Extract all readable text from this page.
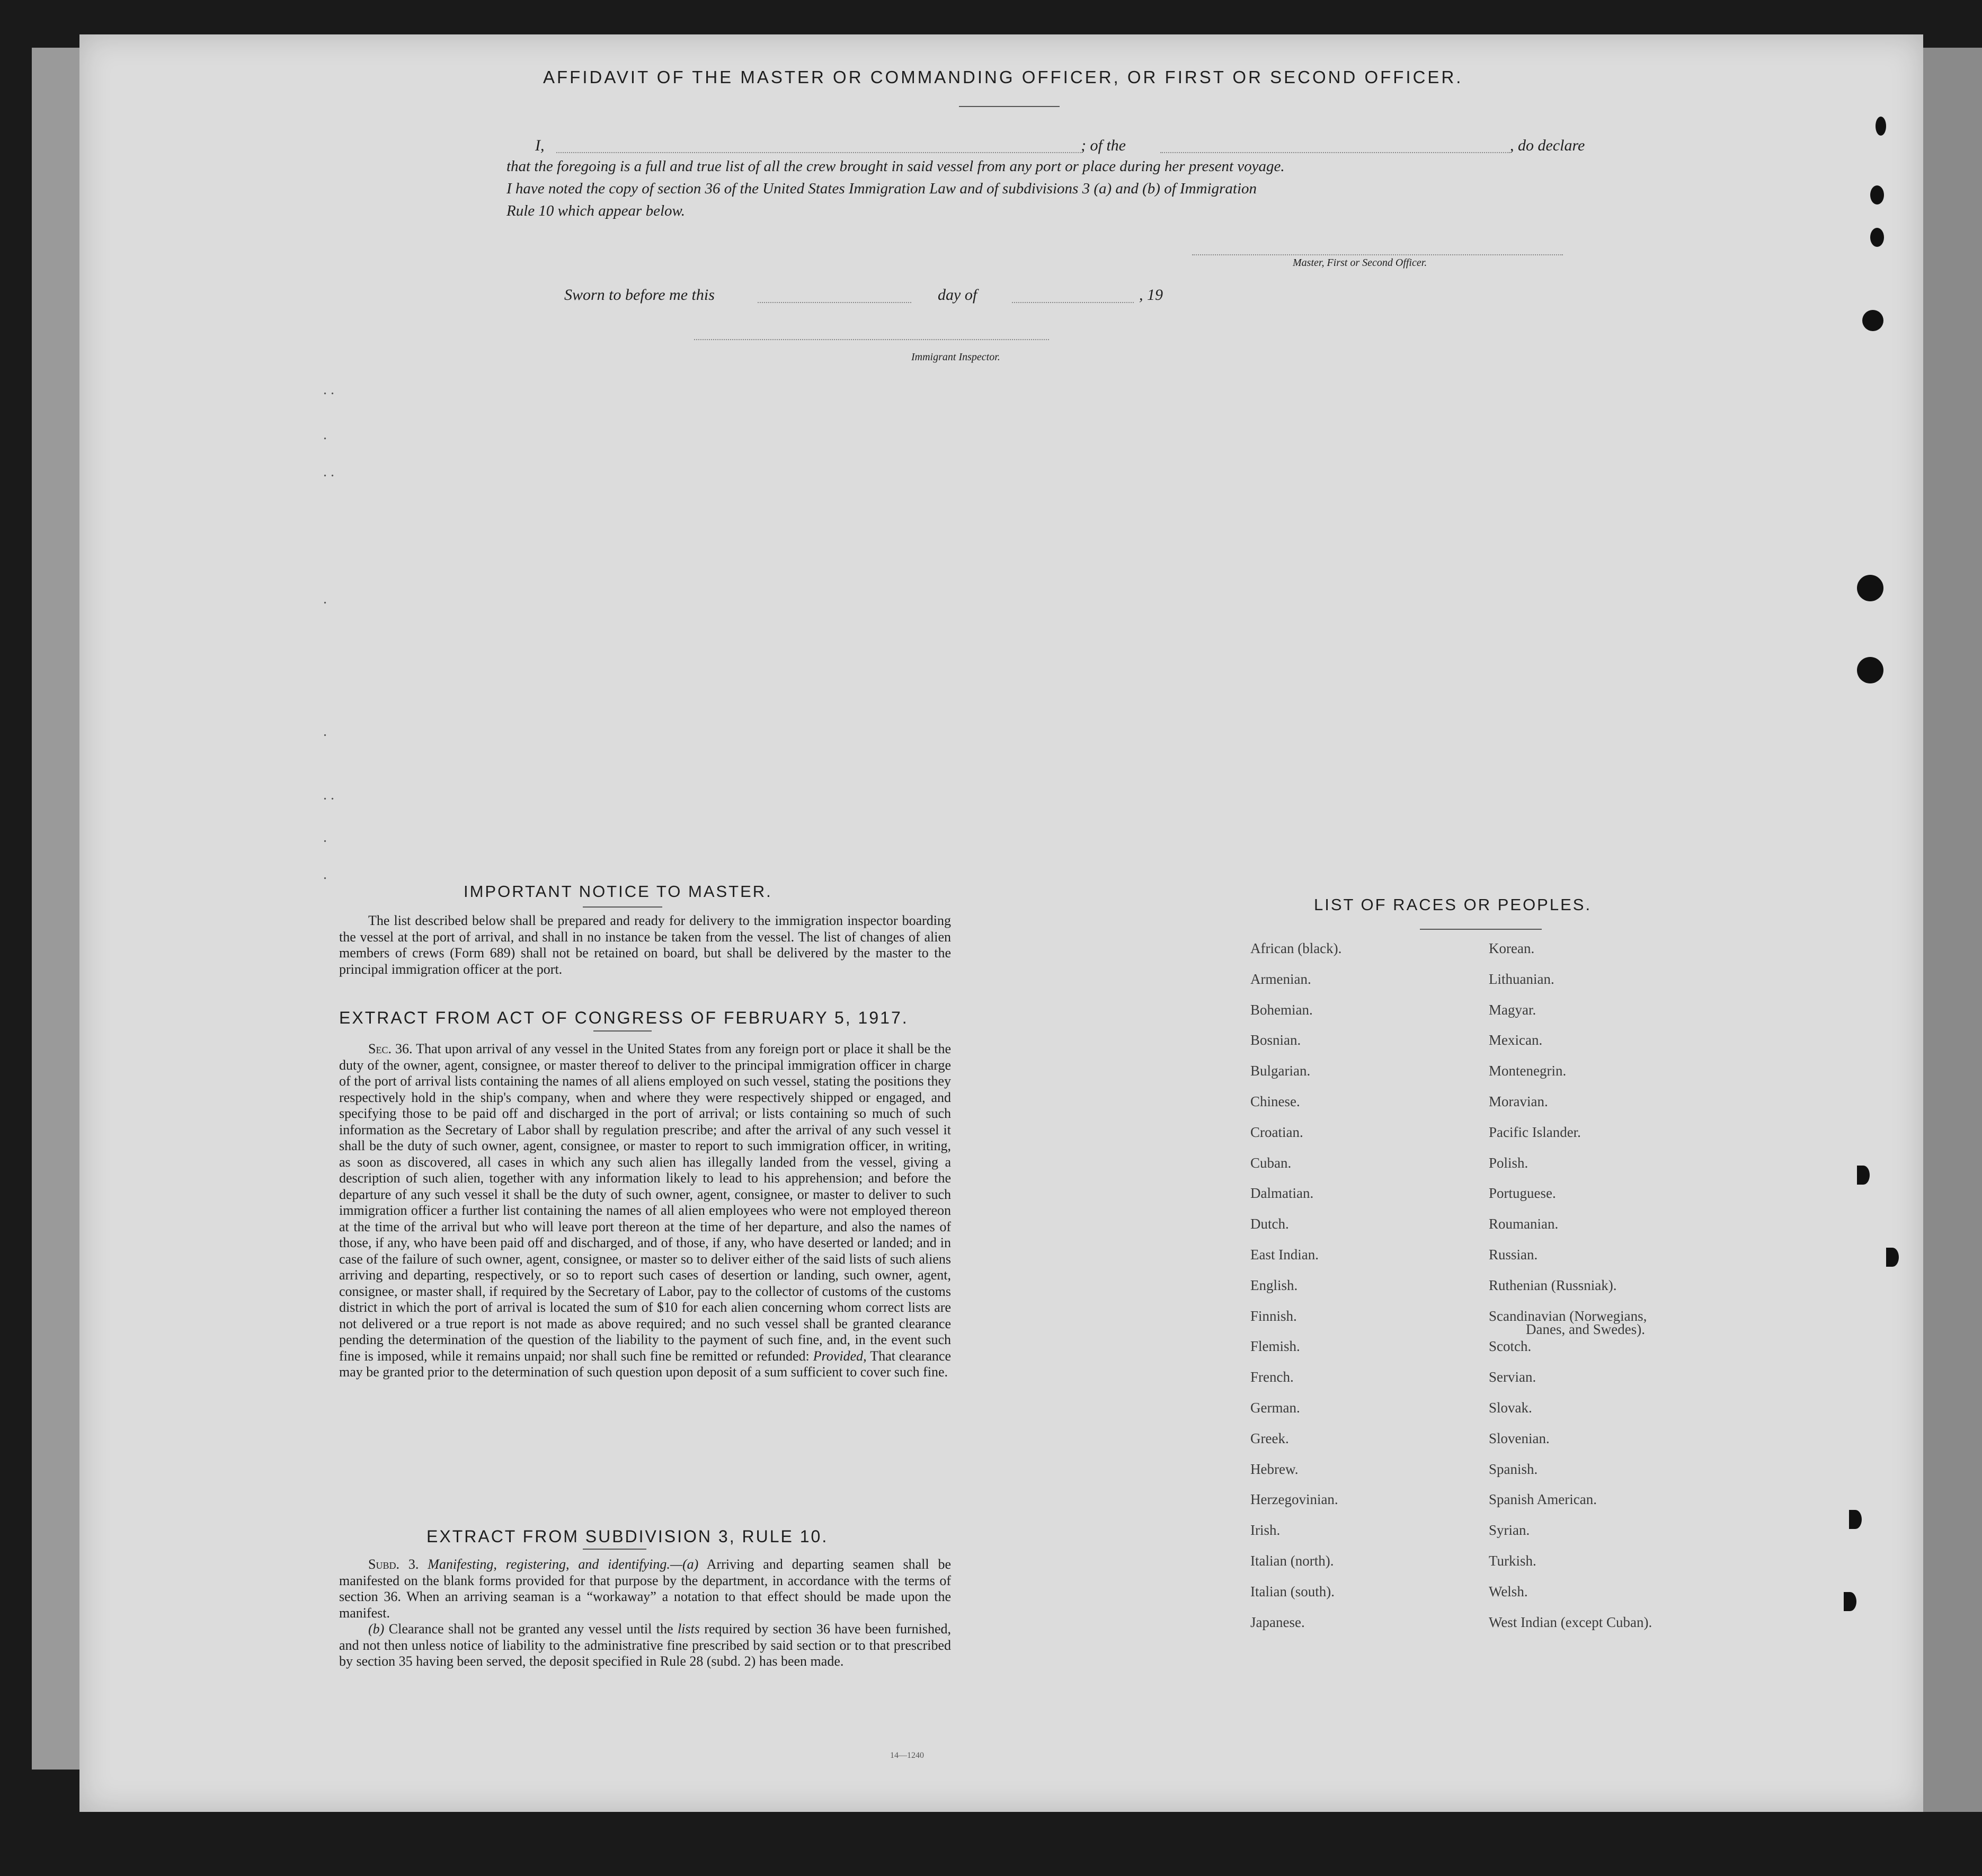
AFFIDAVIT OF THE MASTER OR COMMANDING OFFICER, OR FIRST OR SECOND OFFICER.
I,	; of the	, do declare
that the foregoing is a full and true list of all the crew brought in said vessel from any port or place during her present voyage.
I have noted the copy of section 36 of the United States Immigration Law and of subdivisions 3 (a) and (b) of Immigration
Rule 10 which appear below.
Master, First or Second Officer.
Sworn to before me this	day of	, 19
Immigrant Inspector.
. .
.
. .
.
.
. .
.
.
IMPORTANT NOTICE TO MASTER.

The list described below shall be prepared and ready for delivery to the immigration inspector boarding the vessel at the port of arrival, and shall in no instance be taken from the vessel. The list of changes of alien members of crews (Form 689) shall not be retained on board, but shall be delivered by the master to the principal immigration officer at the port.

EXTRACT FROM ACT OF CONGRESS OF FEBRUARY 5, 1917.

Sec. 36. That upon arrival of any vessel in the United States from any foreign port or place it shall be the duty of the owner, agent, consignee, or master thereof to deliver to the principal immigration officer in charge of the port of arrival lists containing the names of all aliens employed on such vessel, stating the positions they respectively hold in the ship's company, when and where they were respectively shipped or engaged, and specifying those to be paid off and discharged in the port of arrival; or lists containing so much of such information as the Secretary of Labor shall by regulation prescribe; and after the arrival of any such vessel it shall be the duty of such owner, agent, consignee, or master to report to such immigration officer, in writing, as soon as discovered, all cases in which any such alien has illegally landed from the vessel, giving a description of such alien, together with any information likely to lead to his apprehension; and before the departure of any such vessel it shall be the duty of such owner, agent, consignee, or master to deliver to such immigration officer a further list containing the names of all alien employees who were not employed thereon at the time of the arrival but who will leave port thereon at the time of her departure, and also the names of those, if any, who have been paid off and discharged, and of those, if any, who have deserted or landed; and in case of the failure of such owner, agent, consignee, or master so to deliver either of the said lists of such aliens arriving and departing, respectively, or so to report such cases of desertion or landing, such owner, agent, consignee, or master shall, if required by the Secretary of Labor, pay to the collector of customs of the customs district in which the port of arrival is located the sum of $10 for each alien concerning whom correct lists are not delivered or a true report is not made as above required; and no such vessel shall be granted clearance pending the determination of the question of the liability to the payment of such fine, and, in the event such fine is imposed, while it remains unpaid; nor shall such fine be remitted or refunded: Provided, That clearance may be granted prior to the determination of such question upon deposit of a sum sufficient to cover such fine.

EXTRACT FROM SUBDIVISION 3, RULE 10.

Subd. 3. Manifesting, registering, and identifying.—(a) Arriving and departing seamen shall be manifested on the blank forms provided for that purpose by the department, in accordance with the terms of section 36. When an arriving seaman is a “workaway” a notation to that effect should be made upon the manifest.

(b) Clearance shall not be granted any vessel until the lists required by section 36 have been furnished, and not then unless notice of liability to the administrative fine prescribed by said section or to that prescribed by section 35 having been served, the deposit specified in Rule 28 (subd. 2) has been made.

14—1240
LIST OF RACES OR PEOPLES.
African (black).
Armenian.
Bohemian.
Bosnian.
Bulgarian.
Chinese.
Croatian.
Cuban.
Dalmatian.
Dutch.
East Indian.
English.
Finnish.
Flemish.
French.
German.
Greek.
Hebrew.
Herzegovinian.
Irish.
Italian (north).
Italian (south).
Japanese.
Korean.
Lithuanian.
Magyar.
Mexican.
Montenegrin.
Moravian.
Pacific Islander.
Polish.
Portuguese.
Roumanian.
Russian.
Ruthenian (Russniak).
Scandinavian (Norwegians,
Danes, and Swedes).
Scotch.
Servian.
Slovak.
Slovenian.
Spanish.
Spanish American.
Syrian.
Turkish.
Welsh.
West Indian (except Cuban).
